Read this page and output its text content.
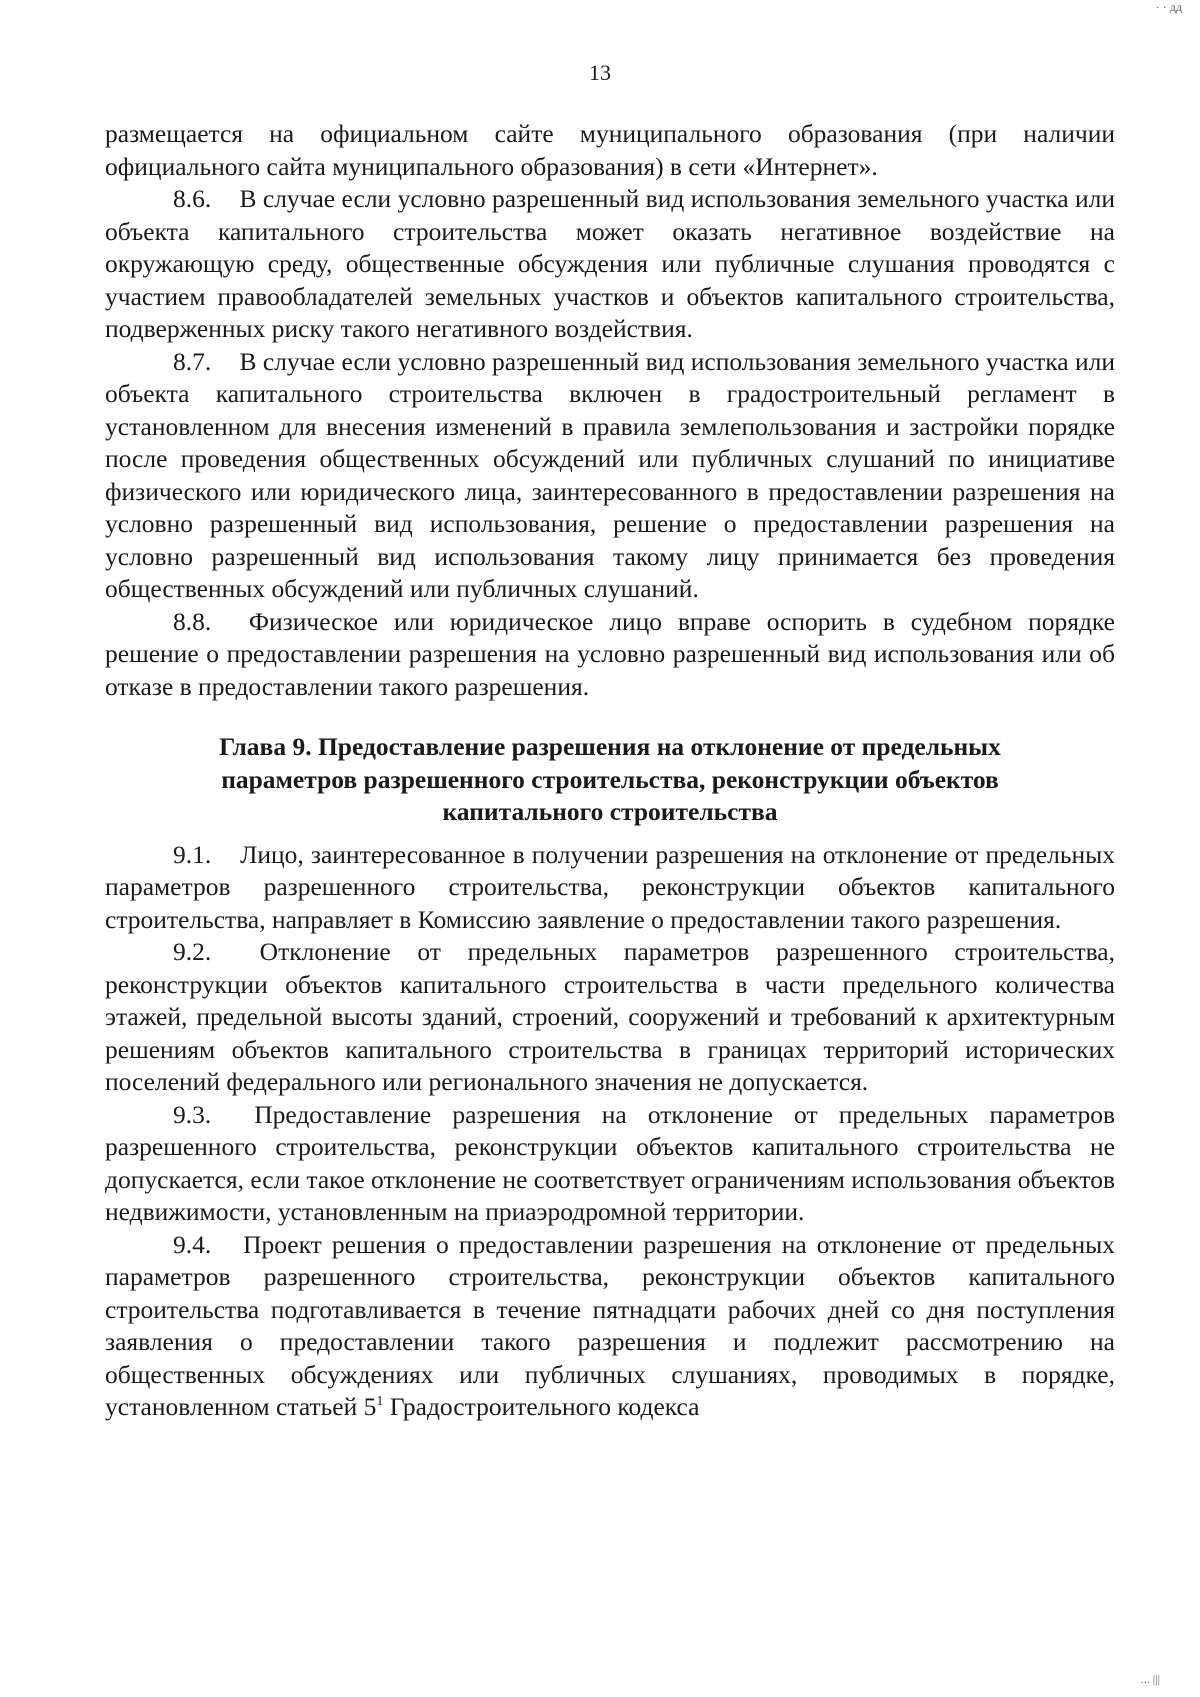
· · дд
13

размещается на официальном сайте муниципального образования (при наличии официального сайта муниципального образования) в сети «Интернет».

8.6. В случае если условно разрешенный вид использования земельного участка или объекта капитального строительства может оказать негативное воздействие на окружающую среду, общественные обсуждения или публичные слушания проводятся с участием правообладателей земельных участков и объектов капитального строительства, подверженных риску такого негативного воздействия.

8.7. В случае если условно разрешенный вид использования земельного участка или объекта капитального строительства включен в градостроительный регламент в установленном для внесения изменений в правила землепользования и застройки порядке после проведения общественных обсуждений или публичных слушаний по инициативе физического или юридического лица, заинтересованного в предоставлении разрешения на условно разрешенный вид использования, решение о предоставлении разрешения на условно разрешенный вид использования такому лицу принимается без проведения общественных обсуждений или публичных слушаний.

8.8. Физическое или юридическое лицо вправе оспорить в судебном порядке решение о предоставлении разрешения на условно разрешенный вид использования или об отказе в предоставлении такого разрешения.

Глава 9. Предоставление разрешения на отклонение от предельных параметров разрешенного строительства, реконструкции объектов капитального строительства

9.1. Лицо, заинтересованное в получении разрешения на отклонение от предельных параметров разрешенного строительства, реконструкции объектов капитального строительства, направляет в Комиссию заявление о предоставлении такого разрешения.

9.2. Отклонение от предельных параметров разрешенного строительства, реконструкции объектов капитального строительства в части предельного количества этажей, предельной высоты зданий, строений, сооружений и требований к архитектурным решениям объектов капитального строительства в границах территорий исторических поселений федерального или регионального значения не допускается.

9.3. Предоставление разрешения на отклонение от предельных параметров разрешенного строительства, реконструкции объектов капитального строительства не допускается, если такое отклонение не соответствует ограничениям использования объектов недвижимости, установленным на приаэродромной территории.

9.4. Проект решения о предоставлении разрешения на отклонение от предельных параметров разрешенного строительства, реконструкции объектов капитального строительства подготавливается в течение пятнадцати рабочих дней со дня поступления заявления о предоставлении такого разрешения и подлежит рассмотрению на общественных обсуждениях или публичных слушаниях, проводимых в порядке, установленном статьей $5^1$ Градостроительного кодекса

... |||
